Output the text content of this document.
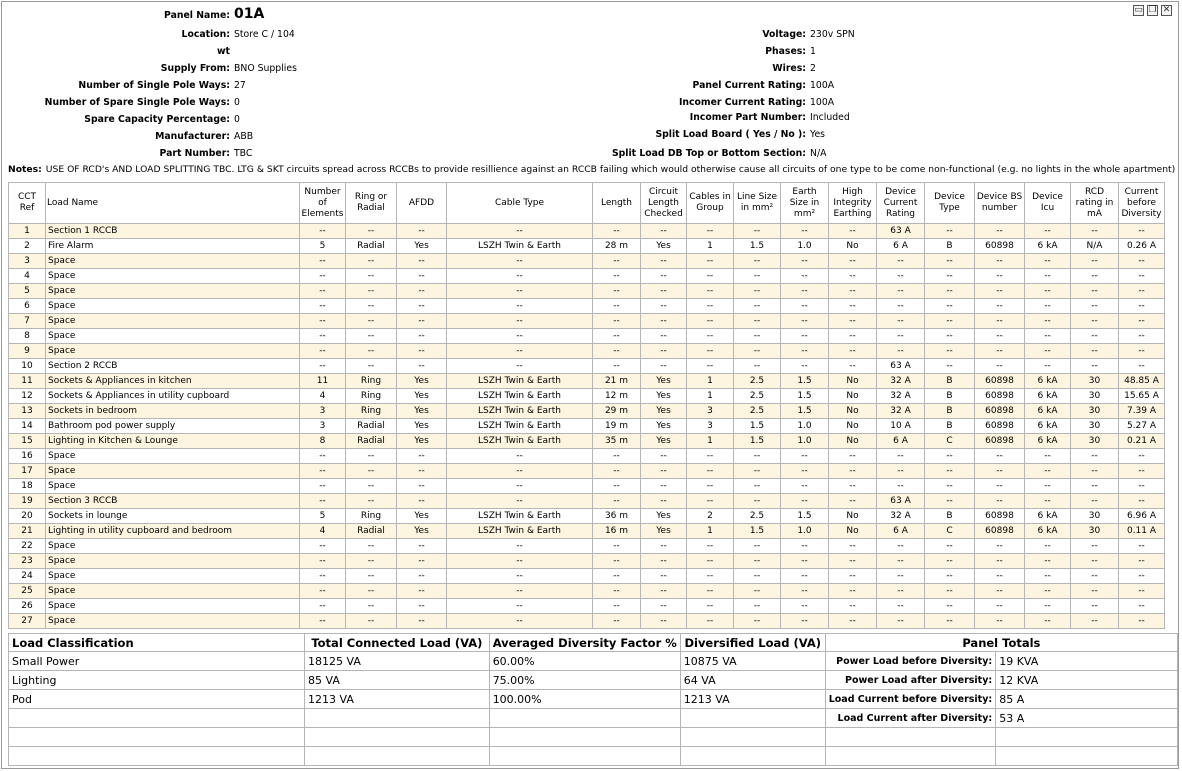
▭ ❐ ✕
Panel Name: 01A
Location: Store C / 104
wt
Supply From: BNO Supplies
Number of Single Pole Ways: 27
Number of Spare Single Pole Ways: 0
Spare Capacity Percentage: 0
Manufacturer: ABB
Part Number: TBC
Voltage: 230v SPN
Phases: 1
Wires: 2
Panel Current Rating: 100A
Incomer Current Rating: 100A
Incomer Part Number: Included
Split Load Board ( Yes / No ): Yes
Split Load DB Top or Bottom Section: N/A
Notes: USE OF RCD's AND LOAD SPLITTING TBC. LTG & SKT circuits spread across RCCBs to provide resillience against an RCCB failing which would otherwise cause all circuits of one type to be come non-functional (e.g. no lights in the whole apartment)
CCT Ref	Load Name	Number of Elements	Ring or Radial	AFDD	Cable Type	Length	Circuit Length Checked	Cables in Group	Line Size in mm²	Earth Size in mm²	High Integrity Earthing	Device Current Rating	Device Type	Device BS number	Device Icu	RCD rating in mA	Current before Diversity
1	Section 1 RCCB	--	--	--	--	--	--	--	--	--	--	63 A	--	--	--	--	--
2	Fire Alarm	5	Radial	Yes	LSZH Twin & Earth	28 m	Yes	1	1.5	1.0	No	6 A	B	60898	6 kA	N/A	0.26 A
3	Space	--	--	--	--	--	--	--	--	--	--	--	--	--	--	--	--
4	Space	--	--	--	--	--	--	--	--	--	--	--	--	--	--	--	--
5	Space	--	--	--	--	--	--	--	--	--	--	--	--	--	--	--	--
6	Space	--	--	--	--	--	--	--	--	--	--	--	--	--	--	--	--
7	Space	--	--	--	--	--	--	--	--	--	--	--	--	--	--	--	--
8	Space	--	--	--	--	--	--	--	--	--	--	--	--	--	--	--	--
9	Space	--	--	--	--	--	--	--	--	--	--	--	--	--	--	--	--
10	Section 2 RCCB	--	--	--	--	--	--	--	--	--	--	63 A	--	--	--	--	--
11	Sockets & Appliances in kitchen	11	Ring	Yes	LSZH Twin & Earth	21 m	Yes	1	2.5	1.5	No	32 A	B	60898	6 kA	30	48.85 A
12	Sockets & Appliances in utility cupboard	4	Ring	Yes	LSZH Twin & Earth	12 m	Yes	1	2.5	1.5	No	32 A	B	60898	6 kA	30	15.65 A
13	Sockets in bedroom	3	Ring	Yes	LSZH Twin & Earth	29 m	Yes	3	2.5	1.5	No	32 A	B	60898	6 kA	30	7.39 A
14	Bathroom pod power supply	3	Radial	Yes	LSZH Twin & Earth	19 m	Yes	3	1.5	1.0	No	10 A	B	60898	6 kA	30	5.27 A
15	Lighting in Kitchen & Lounge	8	Radial	Yes	LSZH Twin & Earth	35 m	Yes	1	1.5	1.0	No	6 A	C	60898	6 kA	30	0.21 A
16	Space	--	--	--	--	--	--	--	--	--	--	--	--	--	--	--	--
17	Space	--	--	--	--	--	--	--	--	--	--	--	--	--	--	--	--
18	Space	--	--	--	--	--	--	--	--	--	--	--	--	--	--	--	--
19	Section 3 RCCB	--	--	--	--	--	--	--	--	--	--	63 A	--	--	--	--	--
20	Sockets in lounge	5	Ring	Yes	LSZH Twin & Earth	36 m	Yes	2	2.5	1.5	No	32 A	B	60898	6 kA	30	6.96 A
21	Lighting in utility cupboard and bedroom	4	Radial	Yes	LSZH Twin & Earth	16 m	Yes	1	1.5	1.0	No	6 A	C	60898	6 kA	30	0.11 A
22	Space	--	--	--	--	--	--	--	--	--	--	--	--	--	--	--	--
23	Space	--	--	--	--	--	--	--	--	--	--	--	--	--	--	--	--
24	Space	--	--	--	--	--	--	--	--	--	--	--	--	--	--	--	--
25	Space	--	--	--	--	--	--	--	--	--	--	--	--	--	--	--	--
26	Space	--	--	--	--	--	--	--	--	--	--	--	--	--	--	--	--
27	Space	--	--	--	--	--	--	--	--	--	--	--	--	--	--	--	--
Load Classification	Total Connected Load (VA)	Averaged Diversity Factor %	Diversified Load (VA)	Panel Totals	
Small Power	18125 VA	60.00%	10875 VA	Power Load before Diversity:	19 KVA
Lighting	85 VA	75.00%	64 VA	Power Load after Diversity:	12 KVA
Pod	1213 VA	100.00%	1213 VA	Load Current before Diversity:	85 A
				Load Current after Diversity:	53 A
